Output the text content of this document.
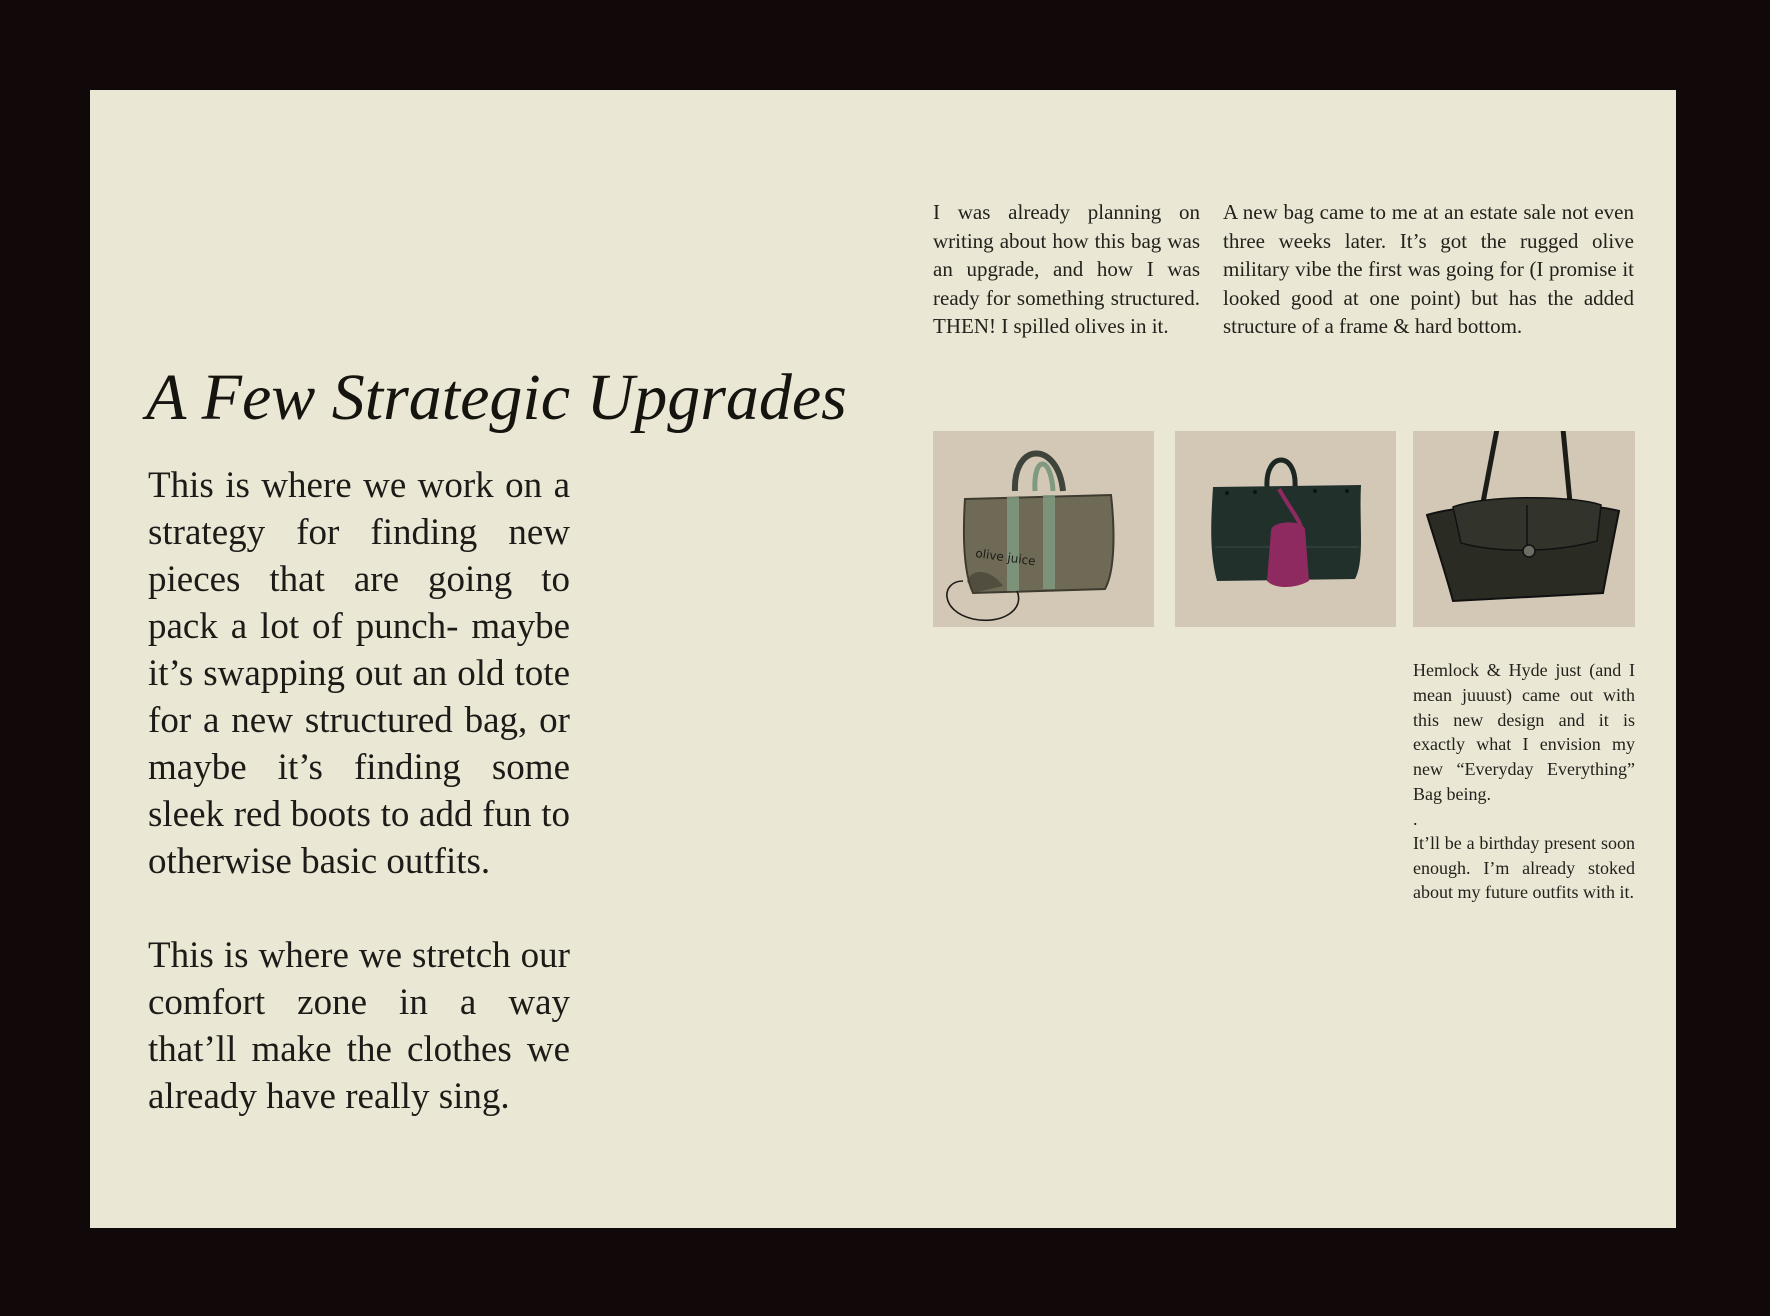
A Few Strategic Upgrades

This is where we work on a strategy for finding new pieces that are going to pack a lot of punch- maybe it’s swapping out an old tote for a new structured bag, or maybe it’s finding some sleek red boots to add fun to otherwise basic outfits.

This is where we stretch our comfort zone in a way that’ll make the clothes we already have really sing.

I was already planning on writing about how this bag was an upgrade, and how I was ready for something structured. THEN! I spilled olives in it.
A new bag came to me at an estate sale not even three weeks later. It’s got the rugged olive military vibe the first was going for (I promise it looked good at one point) but has the added structure of a frame & hard bottom.
olive juice

Hemlock & Hyde just (and I mean juuust) came out with this new design and it is exactly what I envision my new “Everyday Everything” Bag being.

.

It’ll be a birthday present soon enough. I’m already stoked about my future outfits with it.
